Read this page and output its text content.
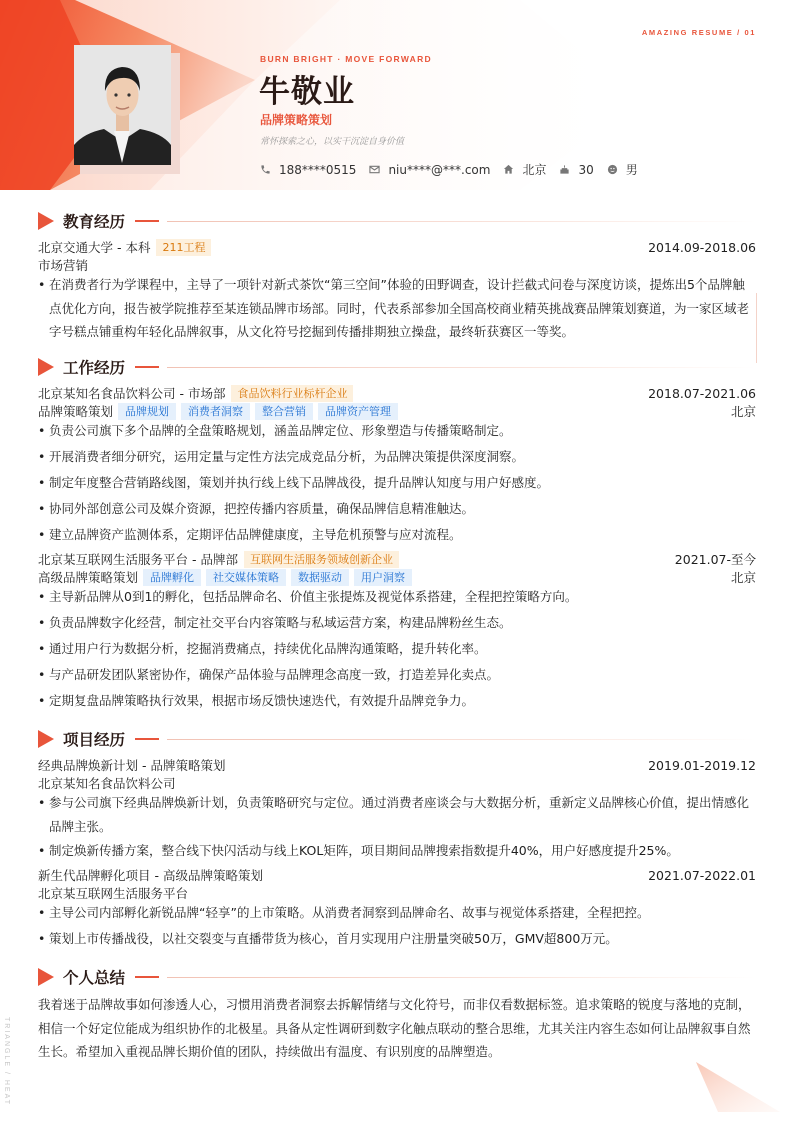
AMAZING RESUME / 01
BURN BRIGHT · MOVE FORWARD
牛敬业
品牌策略策划
常怀探索之心，以实干沉淀自身价值
188****0515	niu****@***.com	北京	30	男
教育经历
北京交通大学 - 本科	211工程	2014.09-2018.06
市场营销
• 在消费者行为学课程中，主导了一项针对新式茶饮“第三空间”体验的田野调查，设计拦截式问卷与深度访谈，提炼出5个品牌触点优化方向，报告被学院推荐至某连锁品牌市场部。同时，代表系部参加全国高校商业精英挑战赛品牌策划赛道，为一家区域老字号糕点铺重构年轻化品牌叙事，从文化符号挖掘到传播排期独立操盘，最终斩获赛区一等奖。
工作经历
北京某知名食品饮料公司 - 市场部	食品饮料行业标杆企业	2018.07-2021.06
品牌策略策划	品牌规划	消费者洞察	整合营销	品牌资产管理	北京
• 负责公司旗下多个品牌的全盘策略规划，涵盖品牌定位、形象塑造与传播策略制定。
• 开展消费者细分研究，运用定量与定性方法完成竞品分析，为品牌决策提供深度洞察。
• 制定年度整合营销路线图，策划并执行线上线下品牌战役，提升品牌认知度与用户好感度。
• 协同外部创意公司及媒介资源，把控传播内容质量，确保品牌信息精准触达。
• 建立品牌资产监测体系，定期评估品牌健康度，主导危机预警与应对流程。
北京某互联网生活服务平台 - 品牌部	互联网生活服务领域创新企业	2021.07-至今
高级品牌策略策划	品牌孵化	社交媒体策略	数据驱动	用户洞察	北京
• 主导新品牌从0到1的孵化，包括品牌命名、价值主张提炼及视觉体系搭建，全程把控策略方向。
• 负责品牌数字化经营，制定社交平台内容策略与私域运营方案，构建品牌粉丝生态。
• 通过用户行为数据分析，挖掘消费痛点，持续优化品牌沟通策略，提升转化率。
• 与产品研发团队紧密协作，确保产品体验与品牌理念高度一致，打造差异化卖点。
• 定期复盘品牌策略执行效果，根据市场反馈快速迭代，有效提升品牌竞争力。
项目经历
经典品牌焕新计划 - 品牌策略策划	2019.01-2019.12
北京某知名食品饮料公司
• 参与公司旗下经典品牌焕新计划，负责策略研究与定位。通过消费者座谈会与大数据分析，重新定义品牌核心价值，提出情感化品牌主张。
• 制定焕新传播方案，整合线下快闪活动与线上KOL矩阵，项目期间品牌搜索指数提升40%，用户好感度提升25%。
新生代品牌孵化项目 - 高级品牌策略策划	2021.07-2022.01
北京某互联网生活服务平台
• 主导公司内部孵化新锐品牌“轻享”的上市策略。从消费者洞察到品牌命名、故事与视觉体系搭建，全程把控。
• 策划上市传播战役，以社交裂变与直播带货为核心，首月实现用户注册量突破50万，GMV超800万元。
个人总结
我着迷于品牌故事如何渗透人心，习惯用消费者洞察去拆解情绪与文化符号，而非仅看数据标签。追求策略的锐度与落地的克制，相信一个好定位能成为组织协作的北极星。具备从定性调研到数字化触点联动的整合思维，尤其关注内容生态如何让品牌叙事自然生长。希望加入重视品牌长期价值的团队，持续做出有温度、有识别度的品牌塑造。
TRIANGLE / HEAT
